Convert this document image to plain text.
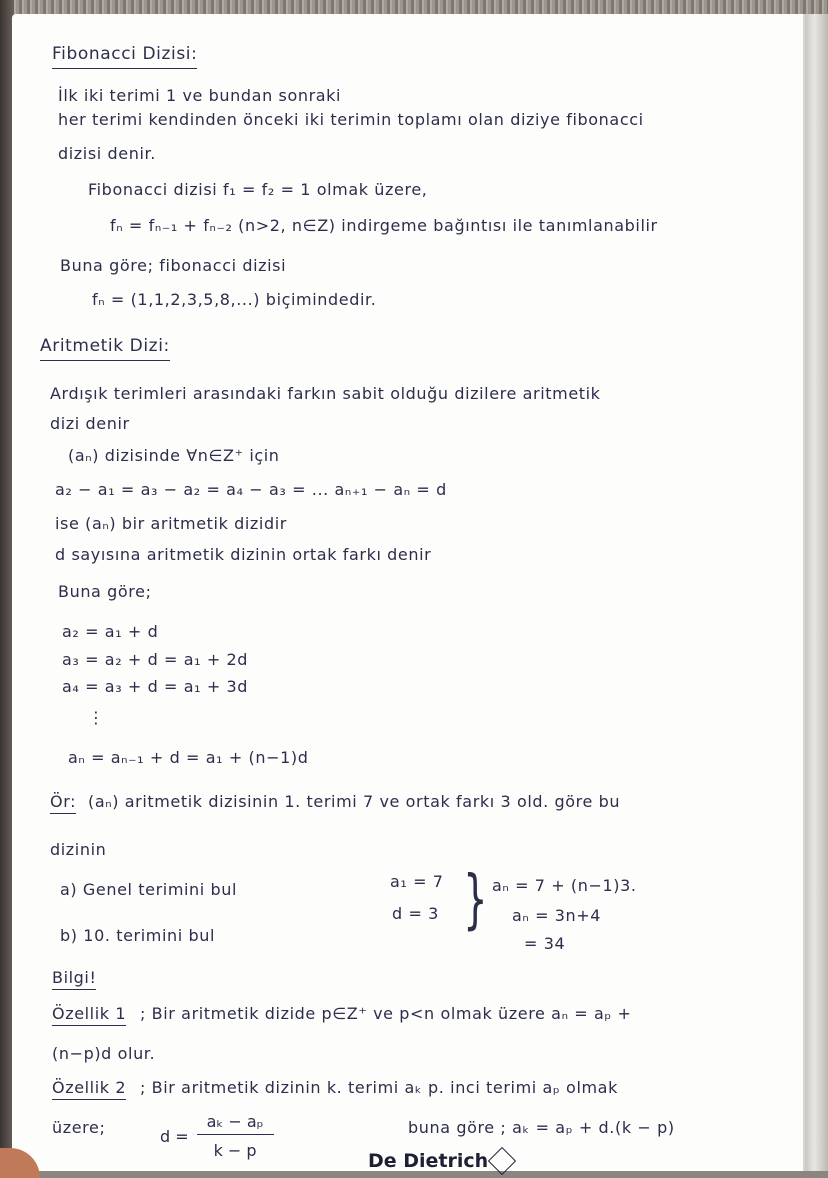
Fibonacci Dizisi:
İlk iki terimi 1 ve bundan sonraki
her terimi kendinden önceki iki terimin toplamı olan diziye fibonacci
dizisi denir.
Fibonacci dizisi f₁ = f₂ = 1 olmak üzere,
fₙ = fₙ₋₁ + fₙ₋₂ (n>2, n∈Z) indirgeme bağıntısı ile tanımlanabilir
Buna göre; fibonacci dizisi
fₙ = (1,1,2,3,5,8,...) biçimindedir.
Aritmetik Dizi:
Ardışık terimleri arasındaki farkın sabit olduğu dizilere aritmetik
dizi denir
(aₙ) dizisinde ∀n∈Z⁺ için
a₂ − a₁ = a₃ − a₂ = a₄ − a₃ = ... aₙ₊₁ − aₙ = d
ise (aₙ) bir aritmetik dizidir
d sayısına aritmetik dizinin ortak farkı denir
Buna göre;
a₂ = a₁ + d
a₃ = a₂ + d = a₁ + 2d
a₄ = a₃ + d = a₁ + 3d
⋮
aₙ = aₙ₋₁ + d = a₁ + (n−1)d
Ör: (aₙ) aritmetik dizisinin 1. terimi 7 ve ortak farkı 3 old. göre bu
dizinin
a) Genel terimini bul
b) 10. terimini bul
a₁ = 7
d = 3 } aₙ = 7 + (n−1)3.
aₙ = 3n+4
= 34
Bilgi!
Özellik 1 ; Bir aritmetik dizide p∈Z⁺ ve p<n olmak üzere aₙ = aₚ +
(n−p)d olur.
Özellik 2 ; Bir aritmetik dizinin k. terimi aₖ p. inci terimi aₚ olmak
üzere;	$d = \frac{\text{aₖ − aₚ}}{k - p}$	buna göre ; aₖ = aₚ + d.(k − p)
De Dietrich
